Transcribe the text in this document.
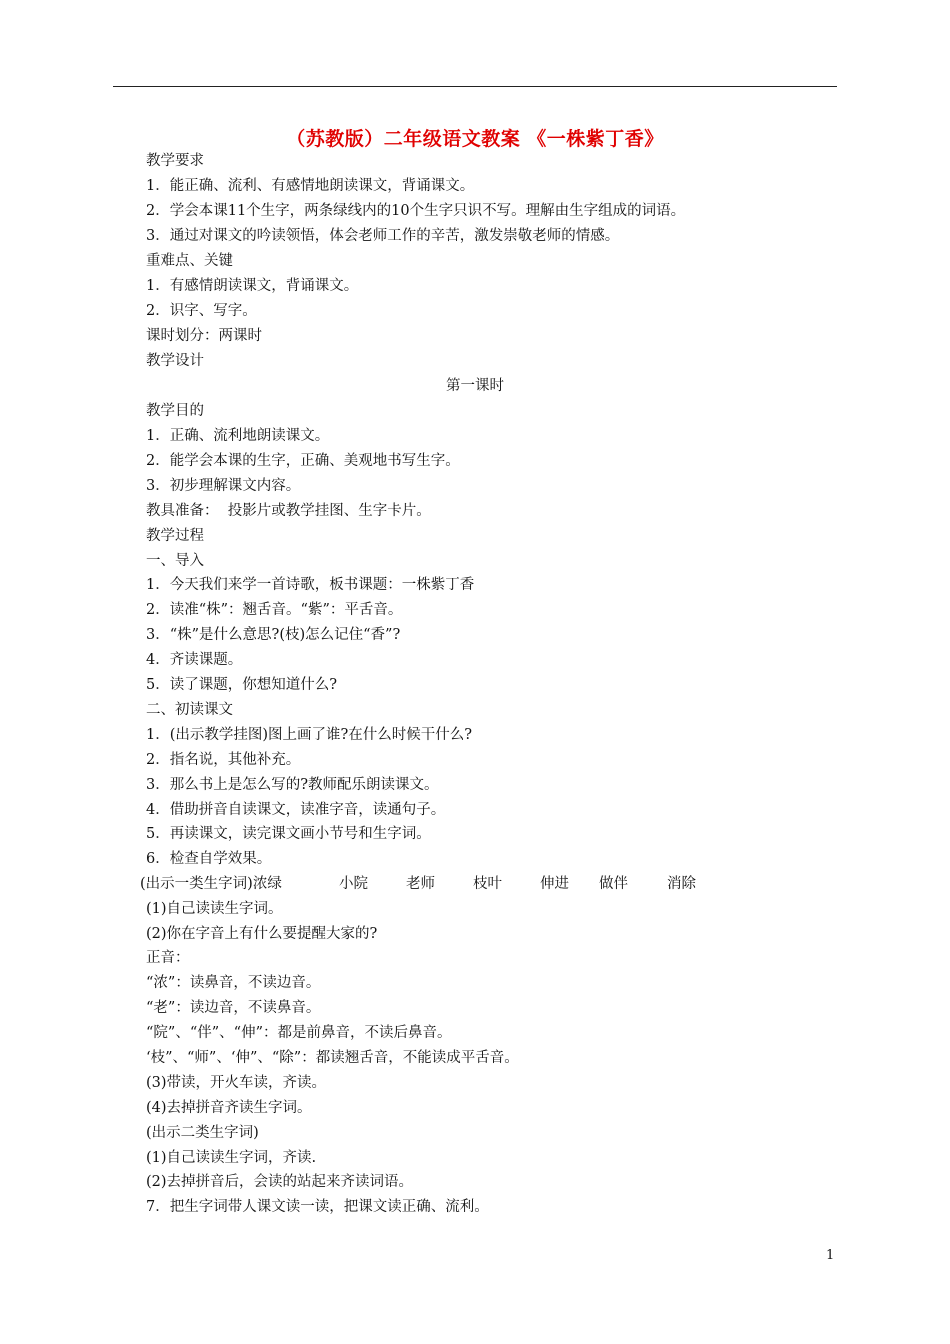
（苏教版）二年级语文教案 《一株紫丁香》
教学要求
1．能正确、流利、有感情地朗读课文，背诵课文。
2．学会本课11个生字，两条绿线内的10个生字只识不写。理解由生字组成的词语。
3．通过对课文的吟读领悟，体会老师工作的辛苦，激发崇敬老师的情感。
重难点、关键
1．有感情朗读课文，背诵课文。
2．识字、写字。
课时划分：两课时
教学设计
第一课时
教学目的
1．正确、流利地朗读课文。
2．能学会本课的生字，正确、美观地书写生字。
3．初步理解课文内容。
教具准备：  投影片或教学挂图、生字卡片。
教学过程
一、导入
1．今天我们来学一首诗歌，板书课题：一株紫丁香
2．读准“株”：翘舌音。“紫”：平舌音。
3．“株”是什么意思?(枝)怎么记住“香”?
4．齐读课题。
5．读了课题，你想知道什么?
二、初读课文
1．(出示教学挂图)图上画了谁?在什么时候干什么?
2．指名说，其他补充。
3．那么书上是怎么写的?教师配乐朗读课文。
4．借助拼音自读课文，读准字音，读通句子。
5．再读课文，读完课文画小节号和生字词。
6．检查自学效果。

(出示一类生字词)浓绿

	小院

	老师

	枝叶

	伸进

做伴

	消除

(1)自己读读生字词。
(2)你在字音上有什么要提醒大家的?
正音：
“浓”：读鼻音，不读边音。
“老”：读边音，不读鼻音。
“院”、“伴”、“伸”：都是前鼻音，不读后鼻音。
‘枝”、“师”、‘伸”、“除”：都读翘舌音，不能读成平舌音。
(3)带读，开火车读，齐读。
(4)去掉拼音齐读生字词。
(出示二类生字词)
(1)自己读读生字词，齐读.
(2)去掉拼音后，会读的站起来齐读词语。
7．把生字词带人课文读一读，把课文读正确、流利。
1
